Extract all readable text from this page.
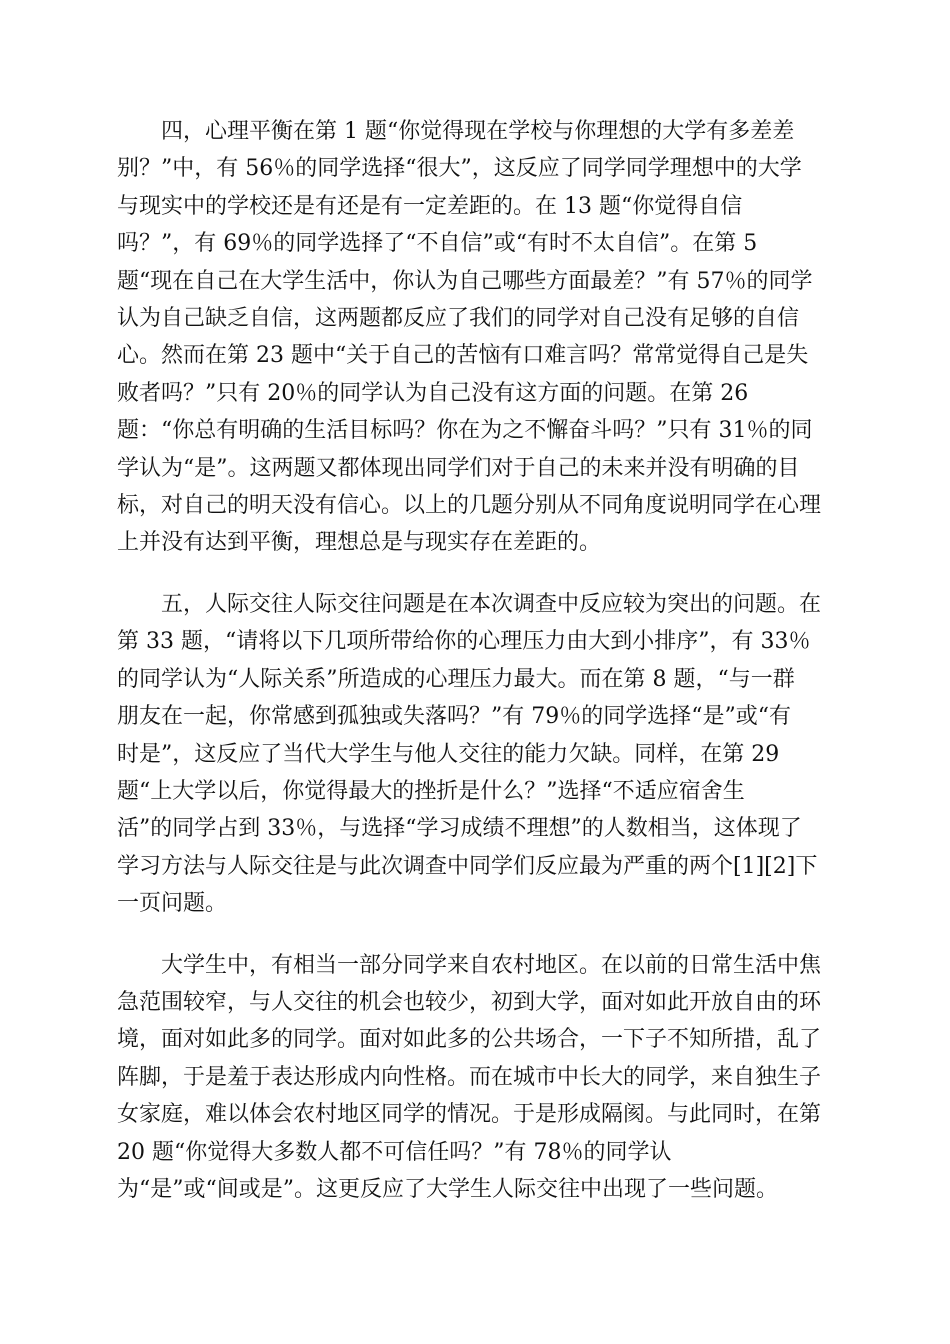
四，心理平衡在第 1 题“你觉得现在学校与你理想的大学有多差差
别？”中，有 56％的同学选择“很大”，这反应了同学同学理想中的大学
与现实中的学校还是有还是有一定差距的。在 13 题“你觉得自信
吗？”，有 69％的同学选择了“不自信”或“有时不太自信”。在第 5
题“现在自己在大学生活中，你认为自己哪些方面最差？”有 57％的同学
认为自己缺乏自信，这两题都反应了我们的同学对自己没有足够的自信
心。然而在第 23 题中“关于自己的苦恼有口难言吗？常常觉得自己是失
败者吗？”只有 20％的同学认为自己没有这方面的问题。在第 26
题：“你总有明确的生活目标吗？你在为之不懈奋斗吗？”只有 31％的同
学认为“是”。这两题又都体现出同学们对于自己的未来并没有明确的目
标，对自己的明天没有信心。以上的几题分别从不同角度说明同学在心理
上并没有达到平衡，理想总是与现实存在差距的。

五，人际交往人际交往问题是在本次调查中反应较为突出的问题。在
第 33 题，“请将以下几项所带给你的心理压力由大到小排序”，有 33％
的同学认为“人际关系”所造成的心理压力最大。而在第 8 题，“与一群
朋友在一起，你常感到孤独或失落吗？”有 79％的同学选择“是”或“有
时是”，这反应了当代大学生与他人交往的能力欠缺。同样，在第 29
题“上大学以后，你觉得最大的挫折是什么？”选择“不适应宿舍生
活”的同学占到 33％，与选择“学习成绩不理想”的人数相当，这体现了
学习方法与人际交往是与此次调查中同学们反应最为严重的两个[1][2]下
一页问题。

大学生中，有相当一部分同学来自农村地区。在以前的日常生活中焦
急范围较窄，与人交往的机会也较少，初到大学，面对如此开放自由的环
境，面对如此多的同学。面对如此多的公共场合，一下子不知所措，乱了
阵脚，于是羞于表达形成内向性格。而在城市中长大的同学，来自独生子
女家庭，难以体会农村地区同学的情况。于是形成隔阂。与此同时，在第
20 题“你觉得大多数人都不可信任吗？”有 78％的同学认
为“是”或“间或是”。这更反应了大学生人际交往中出现了一些问题。
